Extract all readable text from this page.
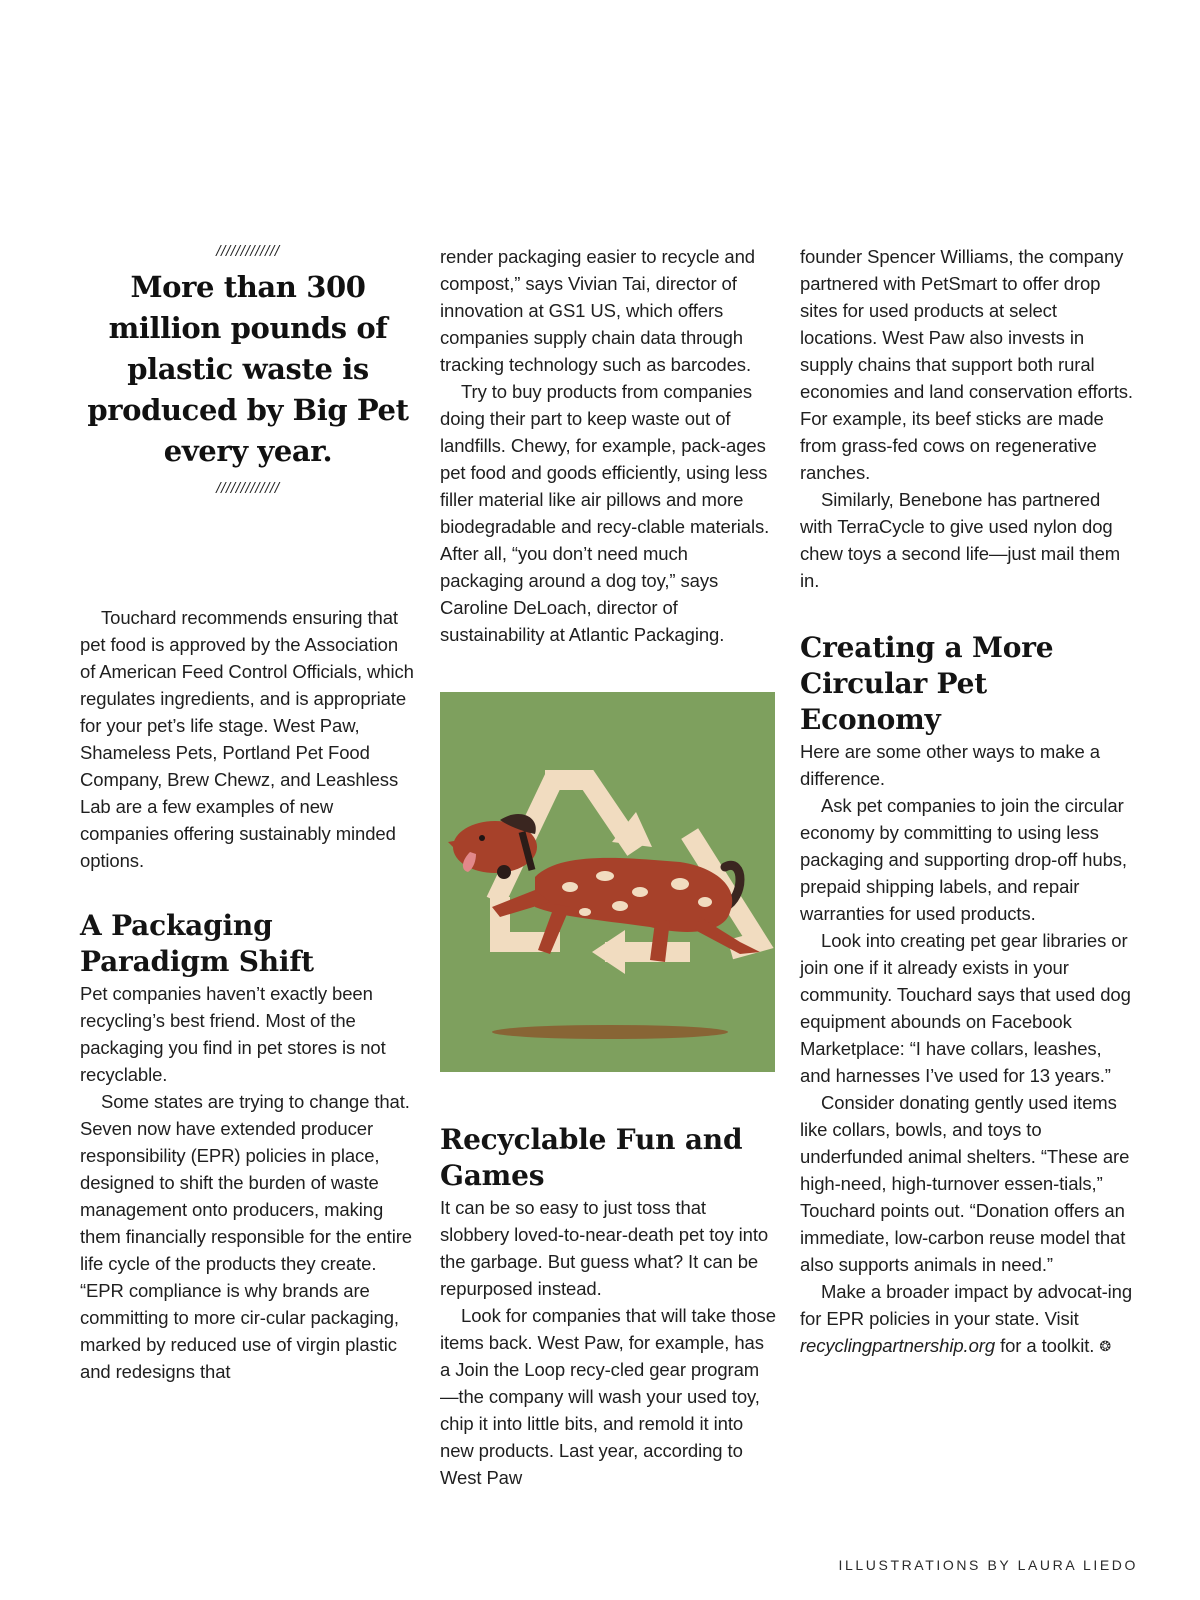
/////////////
More than 300 million pounds of plastic waste is produced by Big Pet every year.
/////////////

Touchard recommends ensuring that pet food is approved by the Association of American Feed Control Officials, which regulates ingredients, and is appropriate for your pet’s life stage. West Paw, Shameless Pets, Portland Pet Food Company, Brew Chewz, and Leashless Lab are a few examples of new companies offering sustainably minded options.

A Packaging Paradigm Shift

Pet companies haven’t exactly been recycling’s best friend. Most of the packaging you find in pet stores is not recyclable.

Some states are trying to change that. Seven now have extended producer responsibility (EPR) policies in place, designed to shift the burden of waste management onto producers, making them financially responsible for the entire life cycle of the products they create. “EPR compliance is why brands are committing to more cir-cular packaging, marked by reduced use of virgin plastic and redesigns that

render packaging easier to recycle and compost,” says Vivian Tai, director of innovation at GS1 US, which offers companies supply chain data through tracking technology such as barcodes.

Try to buy products from companies doing their part to keep waste out of landfills. Chewy, for example, pack-ages pet food and goods efficiently, using less filler material like air pillows and more biodegradable and recy-clable materials. After all, “you don’t need much packaging around a dog toy,” says Caroline DeLoach, director of sustainability at Atlantic Packaging.

Recyclable Fun and Games

It can be so easy to just toss that slobbery loved-to-near-death pet toy into the garbage. But guess what? It can be repurposed instead.

Look for companies that will take those items back. West Paw, for example, has a Join the Loop recy-cled gear program—the company will wash your used toy, chip it into little bits, and remold it into new products. Last year, according to West Paw

founder Spencer Williams, the company partnered with PetSmart to offer drop sites for used products at select locations. West Paw also invests in supply chains that support both rural economies and land conservation efforts. For example, its beef sticks are made from grass-fed cows on regenerative ranches.

Similarly, Benebone has partnered with TerraCycle to give used nylon dog chew toys a second life—just mail them in.

Creating a More Circular Pet Economy

Here are some other ways to make a difference.

Ask pet companies to join the circular economy by committing to using less packaging and supporting drop-off hubs, prepaid shipping labels, and repair warranties for used products.

Look into creating pet gear libraries or join one if it already exists in your community. Touchard says that used dog equipment abounds on Facebook Marketplace: “I have collars, leashes, and harnesses I’ve used for 13 years.”

Consider donating gently used items like collars, bowls, and toys to underfunded animal shelters. “These are high-need, high-turnover essen-tials,” Touchard points out. “Donation offers an immediate, low-carbon reuse model that also supports animals in need.”

Make a broader impact by advocat-ing for EPR policies in your state. Visit recyclingpartnership.org for a toolkit. ❂

ILLUSTRATIONS BY LAURA LIEDO
